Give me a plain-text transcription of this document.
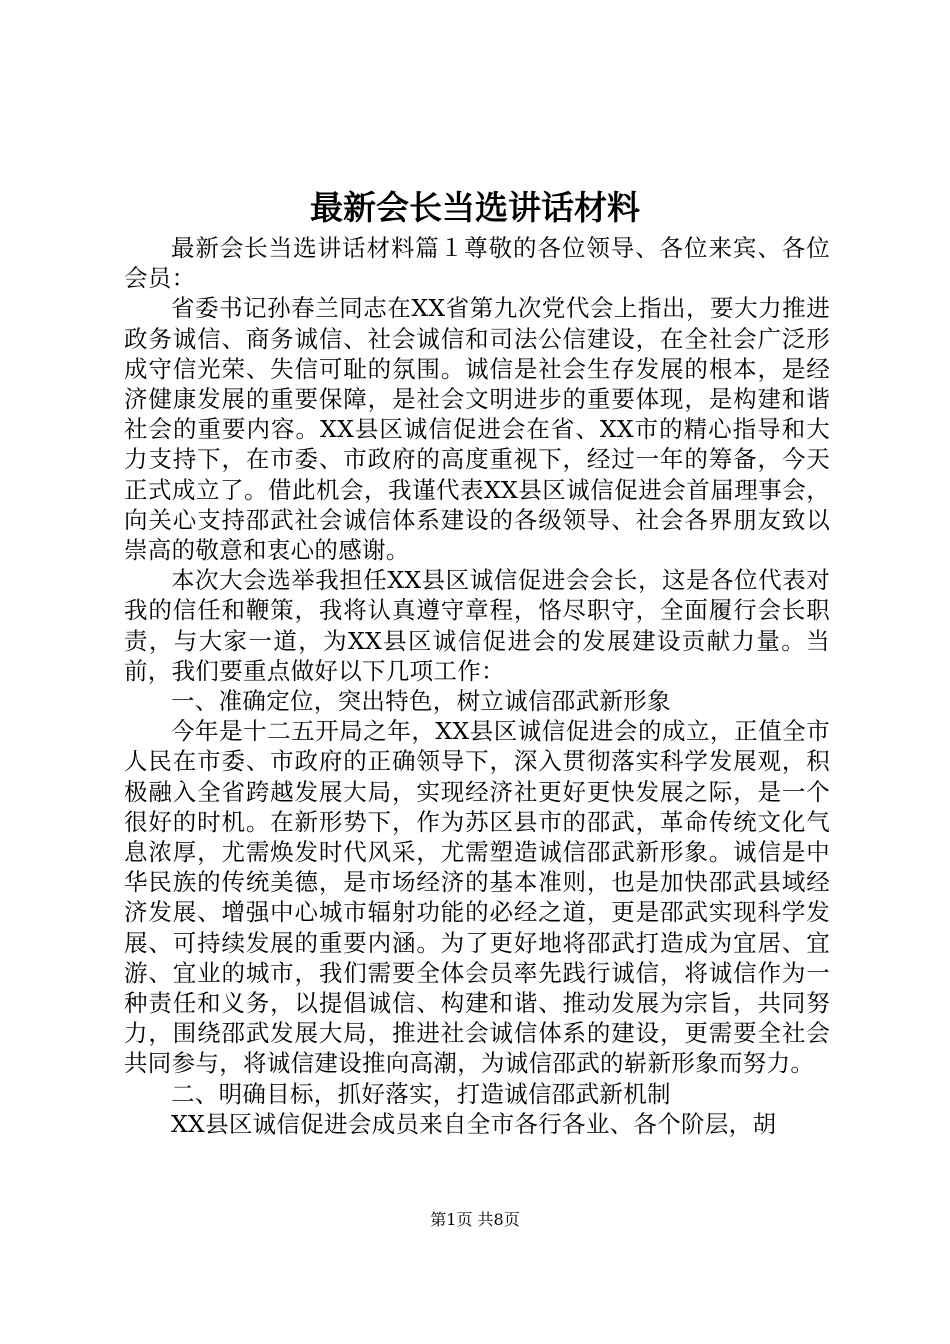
最新会长当选讲话材料

最新会长当选讲话材料篇１尊敬的各位领导、各位来宾、各位会员：

省委书记孙春兰同志在XX省第九次党代会上指出，要大力推进政务诚信、商务诚信、社会诚信和司法公信建设，在全社会广泛形成守信光荣、失信可耻的氛围。诚信是社会生存发展的根本，是经济健康发展的重要保障，是社会文明进步的重要体现，是构建和谐社会的重要内容。XX县区诚信促进会在省、XX市的精心指导和大力支持下，在市委、市政府的高度重视下，经过一年的筹备，今天正式成立了。借此机会，我谨代表XX县区诚信促进会首届理事会，向关心支持邵武社会诚信体系建设的各级领导、社会各界朋友致以崇高的敬意和衷心的感谢。

本次大会选举我担任XX县区诚信促进会会长，这是各位代表对我的信任和鞭策，我将认真遵守章程，恪尽职守，全面履行会长职责，与大家一道，为XX县区诚信促进会的发展建设贡献力量。当前，我们要重点做好以下几项工作：

一、准确定位，突出特色，树立诚信邵武新形象

今年是十二五开局之年，XX县区诚信促进会的成立，正值全市人民在市委、市政府的正确领导下，深入贯彻落实科学发展观，积极融入全省跨越发展大局，实现经济社更好更快发展之际，是一个很好的时机。在新形势下，作为苏区县市的邵武，革命传统文化气息浓厚，尤需焕发时代风采，尤需塑造诚信邵武新形象。诚信是中华民族的传统美德，是市场经济的基本准则，也是加快邵武县域经济发展、增强中心城市辐射功能的必经之道，更是邵武实现科学发展、可持续发展的重要内涵。为了更好地将邵武打造成为宜居、宜游、宜业的城市，我们需要全体会员率先践行诚信，将诚信作为一种责任和义务，以提倡诚信、构建和谐、推动发展为宗旨，共同努力，围绕邵武发展大局，推进社会诚信体系的建设，更需要全社会共同参与，将诚信建设推向高潮，为诚信邵武的崭新形象而努力。

二、明确目标，抓好落实，打造诚信邵武新机制

XX县区诚信促进会成员来自全市各行各业、各个阶层，胡

第1页 共8页
